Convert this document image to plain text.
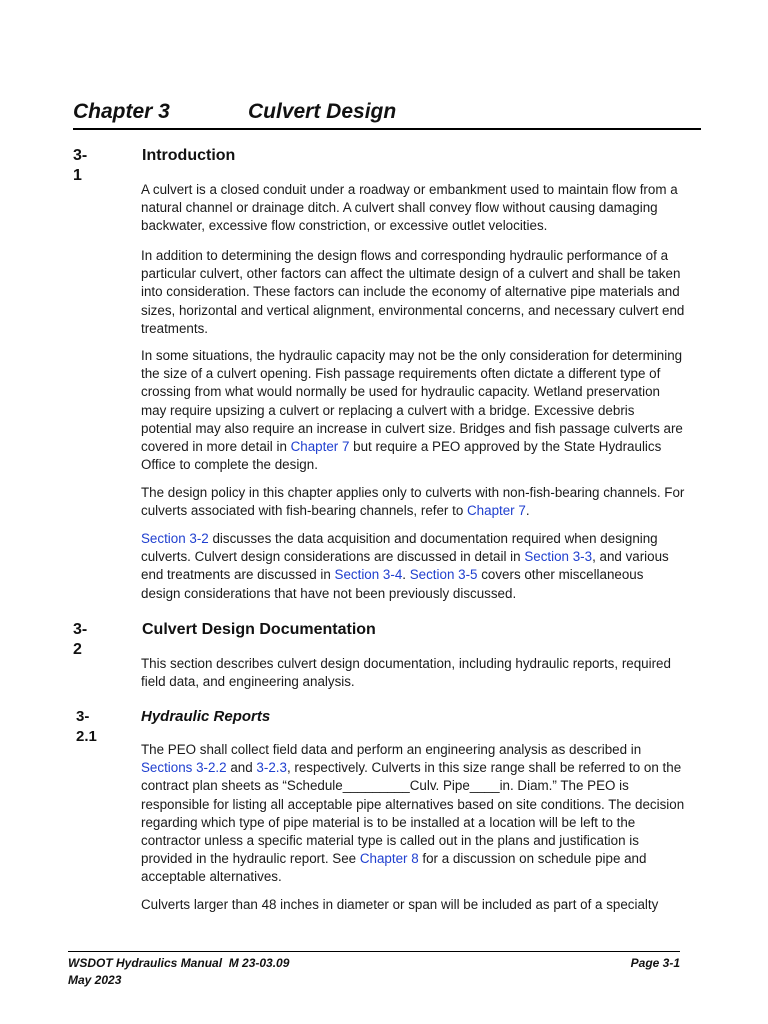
Chapter 3	Culvert Design
3-1
Introduction

A culvert is a closed conduit under a roadway or embankment used to maintain flow from a natural channel or drainage ditch. A culvert shall convey flow without causing damaging backwater, excessive flow constriction, or excessive outlet velocities.

In addition to determining the design flows and corresponding hydraulic performance of a particular culvert, other factors can affect the ultimate design of a culvert and shall be taken into consideration. These factors can include the economy of alternative pipe materials and sizes, horizontal and vertical alignment, environmental concerns, and necessary culvert end treatments.

In some situations, the hydraulic capacity may not be the only consideration for determining the size of a culvert opening. Fish passage requirements often dictate a different type of crossing from what would normally be used for hydraulic capacity. Wetland preservation may require upsizing a culvert or replacing a culvert with a bridge. Excessive debris potential may also require an increase in culvert size. Bridges and fish passage culverts are covered in more detail in Chapter 7 but require a PEO approved by the State Hydraulics Office to complete the design.

The design policy in this chapter applies only to culverts with non-fish-bearing channels. For culverts associated with fish-bearing channels, refer to Chapter 7.

Section 3-2 discusses the data acquisition and documentation required when designing culverts. Culvert design considerations are discussed in detail in Section 3-3, and various end treatments are discussed in Section 3-4. Section 3-5 covers other miscellaneous design considerations that have not been previously discussed.

3-2
Culvert Design Documentation

This section describes culvert design documentation, including hydraulic reports, required field data, and engineering analysis.

3-2.1
Hydraulic Reports

The PEO shall collect field data and perform an engineering analysis as described in Sections 3-2.2 and 3-2.3, respectively. Culverts in this size range shall be referred to on the contract plan sheets as “Schedule_________Culv. Pipe____in. Diam.” The PEO is responsible for listing all acceptable pipe alternatives based on site conditions. The decision regarding which type of pipe material is to be installed at a location will be left to the contractor unless a specific material type is called out in the plans and justification is provided in the hydraulic report. See Chapter 8 for a discussion on schedule pipe and acceptable alternatives.

Culverts larger than 48 inches in diameter or span will be included as part of a specialty

WSDOT Hydraulics Manual  M 23-03.09
May 2023
Page 3-1
